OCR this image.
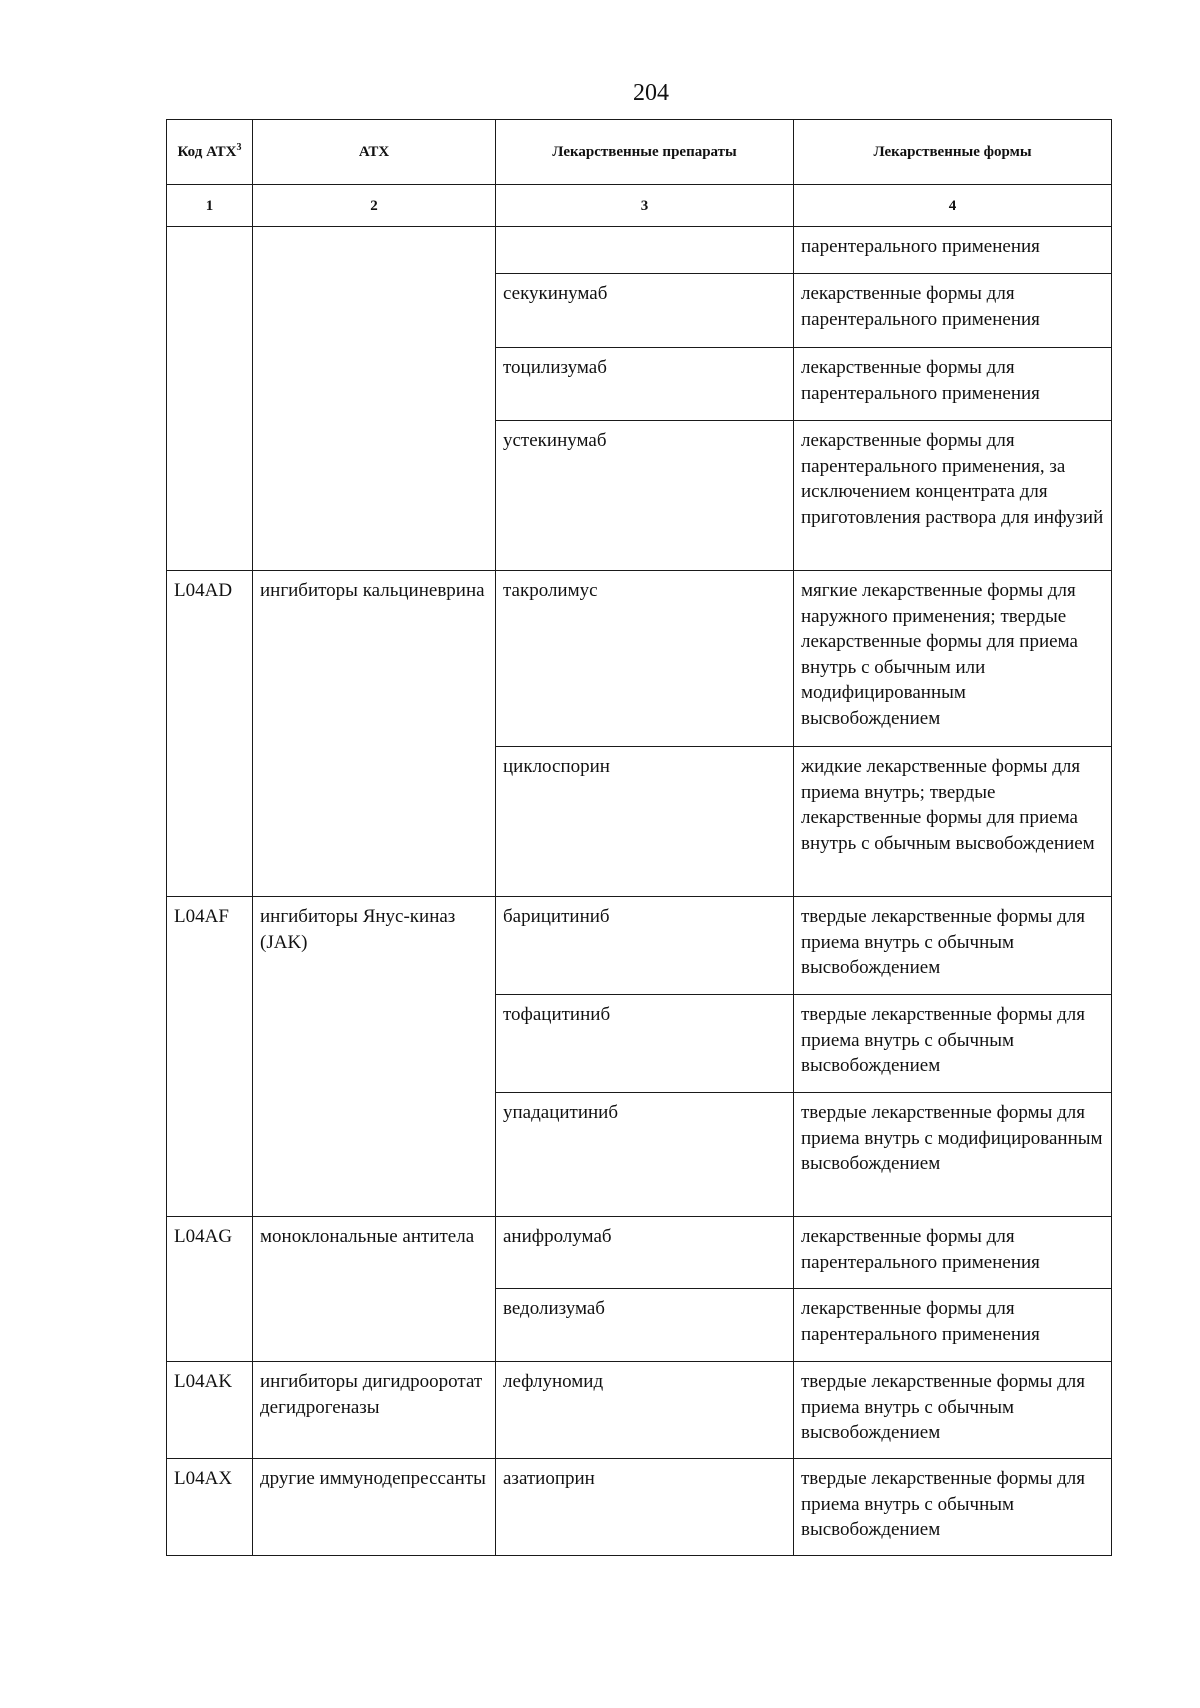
204
Код АТХ$^3$	АТХ	Лекарственные препараты	Лекарственные формы
1	2	3	4
			парентерального применения
		секукинумаб	лекарственные формы для парентерального применения
		тоцилизумаб	лекарственные формы для парентерального применения
		устекинумаб	лекарственные формы для парентерального применения, за исключением концентрата для приготовления раствора для инфузий
L04AD	ингибиторы кальциневрина	такролимус	мягкие лекарственные формы для наружного применения; твердые лекарственные формы для приема внутрь с обычным или модифицированным высвобождением
		циклоспорин	жидкие лекарственные формы для приема внутрь; твердые лекарственные формы для приема внутрь с обычным высвобождением
L04AF	ингибиторы Янус-киназ (JAK)	барицитиниб	твердые лекарственные формы для приема внутрь с обычным высвобождением
		тофацитиниб	твердые лекарственные формы для приема внутрь с обычным высвобождением
		упадацитиниб	твердые лекарственные формы для приема внутрь с модифицированным высвобождением
L04AG	моноклональные антитела	анифролумаб	лекарственные формы для парентерального применения
		ведолизумаб	лекарственные формы для парентерального применения
L04AK	ингибиторы дигидрооротатдегидрогеназы	лефлуномид	твердые лекарственные формы для приема внутрь с обычным высвобождением
L04AX	другие иммунодепрессанты	азатиоприн	твердые лекарственные формы для приема внутрь с обычным высвобождением
